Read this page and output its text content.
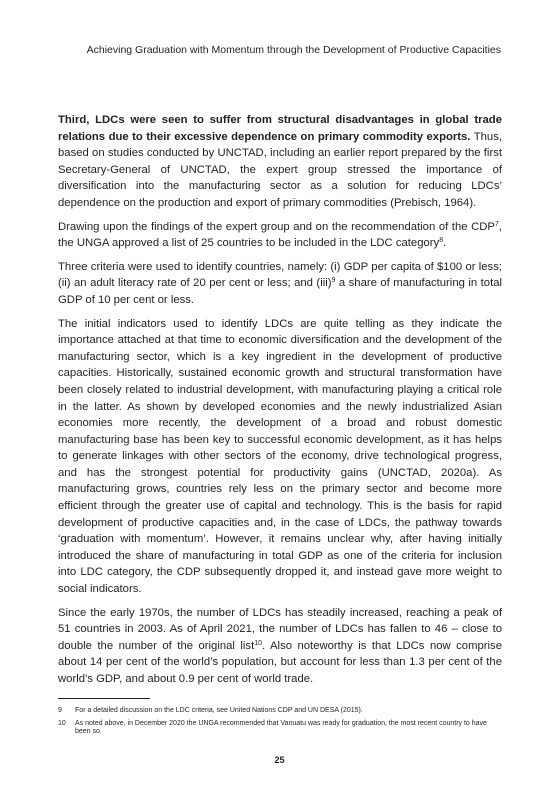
Achieving Graduation with Momentum through the Development of Productive Capacities

Third, LDCs were seen to suffer from structural disadvantages in global trade relations due to their excessive dependence on primary commodity exports. Thus, based on studies conducted by UNCTAD, including an earlier report prepared by the first Secretary-General of UNCTAD, the expert group stressed the importance of diversification into the manufacturing sector as a solution for reducing LDCs’ dependence on the production and export of primary commodities (Prebisch, 1964).

Drawing upon the findings of the expert group and on the recommendation of the CDP$^7$, the UNGA approved a list of 25 countries to be included in the LDC category$^8$.

Three criteria were used to identify countries, namely: (i) GDP per capita of $100 or less; (ii) an adult literacy rate of 20 per cent or less; and (iii)$^9$ a share of manufacturing in total GDP of 10 per cent or less.

The initial indicators used to identify LDCs are quite telling as they indicate the importance attached at that time to economic diversification and the development of the manufacturing sector, which is a key ingredient in the development of productive capacities. Historically, sustained economic growth and structural transformation have been closely related to industrial development, with manufacturing playing a critical role in the latter. As shown by developed economies and the newly industrialized Asian economies more recently, the development of a broad and robust domestic manufacturing base has been key to successful economic development, as it has helps to generate linkages with other sectors of the economy, drive technological progress, and has the strongest potential for productivity gains (UNCTAD, 2020a). As manufacturing grows, countries rely less on the primary sector and become more efficient through the greater use of capital and technology. This is the basis for rapid development of productive capacities and, in the case of LDCs, the pathway towards ‘graduation with momentum’. However, it remains unclear why, after having initially introduced the share of manufacturing in total GDP as one of the criteria for inclusion into LDC category, the CDP subsequently dropped it, and instead gave more weight to social indicators.

Since the early 1970s, the number of LDCs has steadily increased, reaching a peak of 51 countries in 2003. As of April 2021, the number of LDCs has fallen to 46 – close to double the number of the original list$^{10}$. Also noteworthy is that LDCs now comprise about 14 per cent of the world’s population, but account for less than 1.3 per cent of the world’s GDP, and about 0.9 per cent of world trade.

9	For a detailed discussion on the LDC criteria, see United Nations CDP and UN DESA (2015).
10	As noted above, in December 2020 the UNGA recommended that Vanuatu was ready for graduation, the most recent country to have been so.
25
